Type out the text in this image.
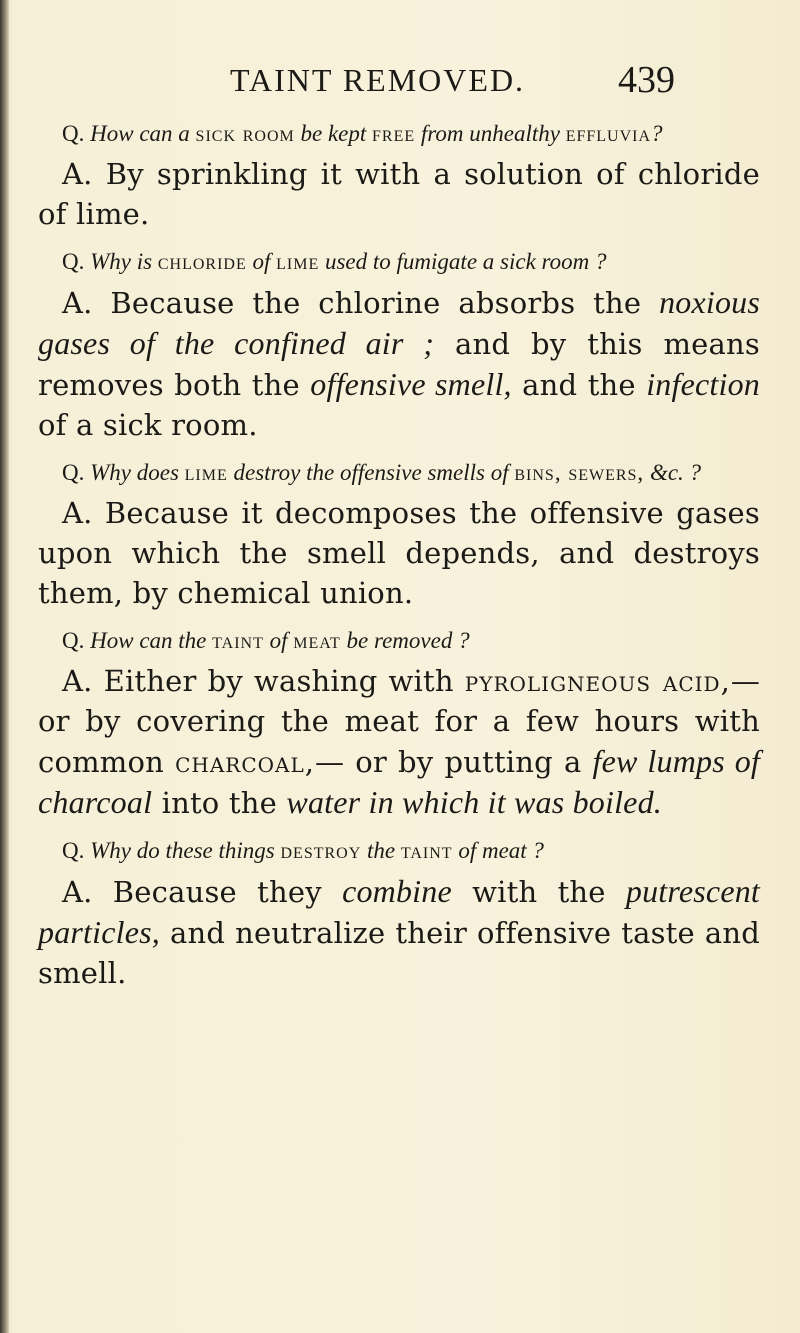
TAINT REMOVED. 439

Q. How can a sick room be kept free from unhealthy effluvia?

A. By sprinkling it with a solution of chloride of lime.

Q. Why is chloride of lime used to fumigate a sick room ?

A. Because the chlorine absorbs the noxious gases of the confined air ; and by this means removes both the offensive smell, and the infection of a sick room.

Q. Why does lime destroy the offensive smells of bins, sewers, &c. ?

A. Because it decomposes the offensive gases upon which the smell depends, and destroys them, by chemical union.

Q. How can the taint of meat be removed ?

A. Either by washing with pyroligneous acid,—or by covering the meat for a few hours with common charcoal,— or by putting a few lumps of charcoal into the water in which it was boiled.

Q. Why do these things destroy the taint of meat ?

A. Because they combine with the putrescent particles, and neutralize their offensive taste and smell.
